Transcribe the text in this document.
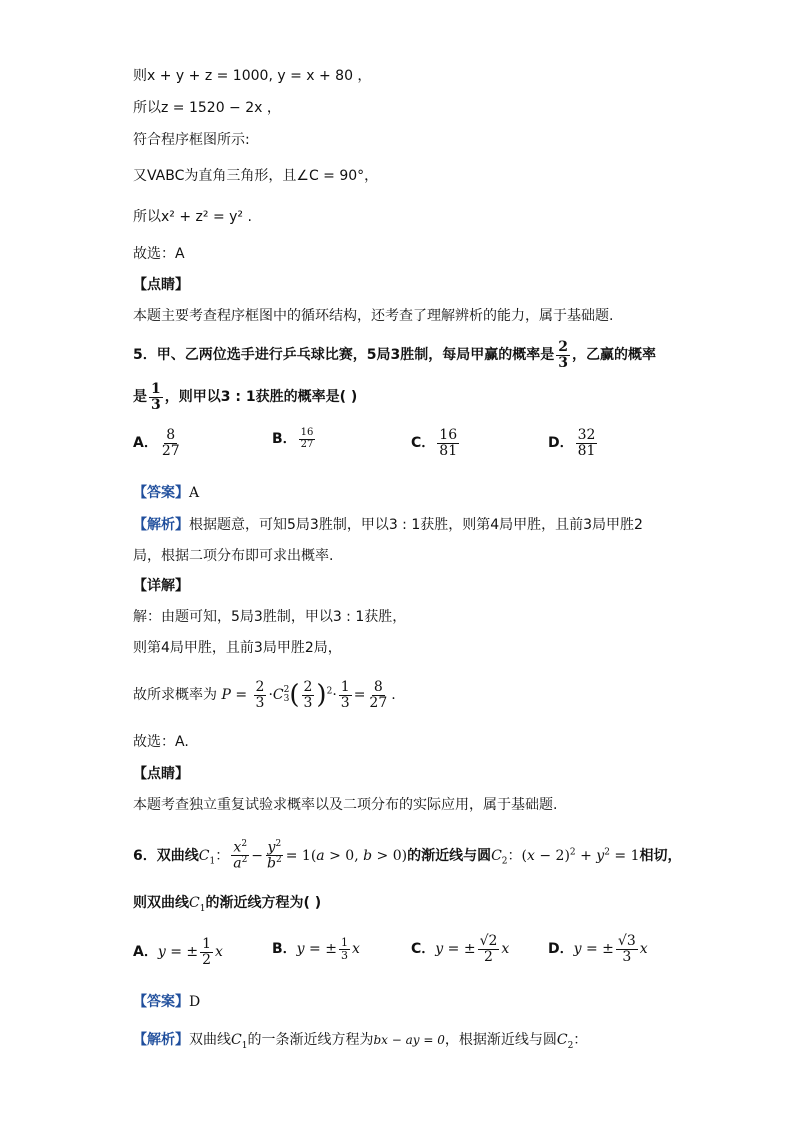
则x + y + z = 1000, y = x + 80 ，
所以z = 1520 − 2x ，
符合程序框图所示:
又VABC为直角三角形，且∠C = 90°，
所以x² + z² = y² .
故选：A
【点睛】
本题主要考查程序框图中的循环结构，还考查了理解辨析的能力，属于基础题.
5．甲、乙两位选手进行乒乓球比赛，5局3胜制，每局甲赢的概率是 $\frac{2}{3}$ ，乙赢的概率
是 $\frac{1}{3}$ ，则甲以3 : 1获胜的概率是( )
A． $\frac{8}{27}$	B． $\frac{16}{27}$	C． $\frac{16}{81}$	D． $\frac{32}{81}$
【答案】A
【解析】根据题意，可知5局3胜制，甲以3 : 1获胜，则第4局甲胜，且前3局甲胜2
局，根据二项分布即可求出概率.
【详解】
解：由题可知，5局3胜制，甲以3 : 1获胜，
则第4局甲胜，且前3局甲胜2局，
故所求概率为 $P = \frac{2}{3} \cdot C$ 2
3 ( $\frac{2}{3} )^2\cdot \frac{1}{3} = \frac{8}{27}$ .
故选：A.
【点睛】
本题考查独立重复试验求概率以及二项分布的实际应用，属于基础题.
6．双曲线$C_1$： $\frac{x^2}{a^2} - \frac{y^2}{b^2} = 1(a > 0$, b > 0)的渐近线与圆$C_2$：$(x - 2)^2 + y^2 = 1$相切，
则双曲线$C_1$的渐近线方程为( )
A．y = ± $\frac{1}{2}$ x	B．y = ± $\frac{1}{3}$ x	C．y = ± $\frac{√2}{2}$ x	D．y = ± $\frac{√3}{3}$ x
【答案】D
【解析】双曲线$C_1$的一条渐近线方程为bx − ay = 0，根据渐近线与圆$C_2$：
